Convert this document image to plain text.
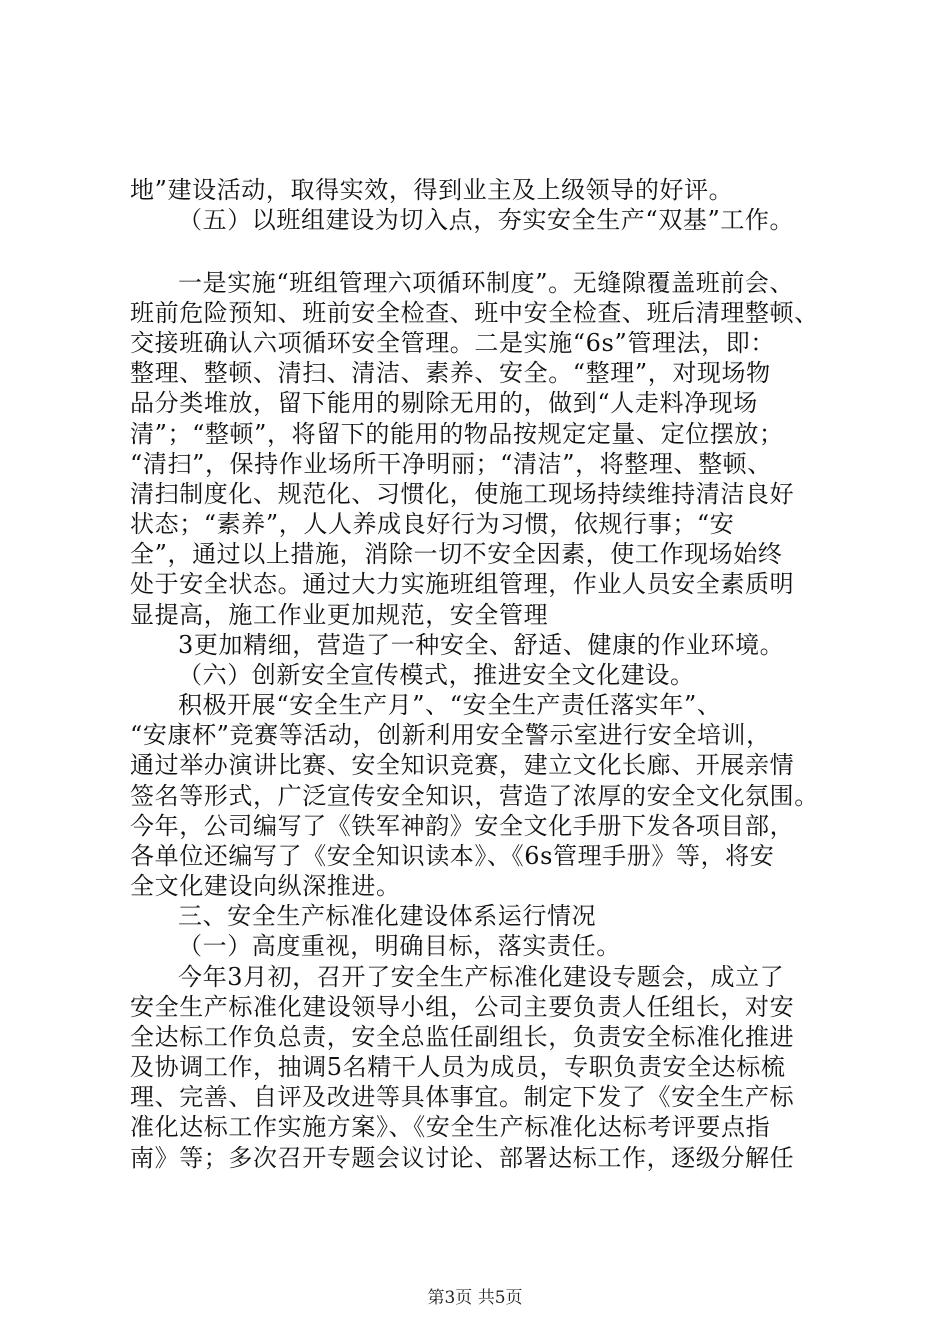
地”建设活动，取得实效，得到业主及上级领导的好评。
（五）以班组建设为切入点，夯实安全生产“双基”工作。
一是实施“班组管理六项循环制度”。无缝隙覆盖班前会、
班前危险预知、班前安全检查、班中安全检查、班后清理整顿、
交接班确认六项循环安全管理。二是实施“6s”管理法，即：
整理、整顿、清扫、清洁、素养、安全。“整理”，对现场物
品分类堆放，留下能用的剔除无用的，做到“人走料净现场
清”；“整顿”，将留下的能用的物品按规定定量、定位摆放；
“清扫”，保持作业场所干净明丽；“清洁”，将整理、整顿、
清扫制度化、规范化、习惯化，使施工现场持续维持清洁良好
状态；“素养”，人人养成良好行为习惯，依规行事；“安
全”，通过以上措施，消除一切不安全因素，使工作现场始终
处于安全状态。通过大力实施班组管理，作业人员安全素质明
显提高，施工作业更加规范，安全管理
3更加精细，营造了一种安全、舒适、健康的作业环境。
（六）创新安全宣传模式，推进安全文化建设。
积极开展“安全生产月”、“安全生产责任落实年”、
“安康杯”竞赛等活动，创新利用安全警示室进行安全培训，
通过举办演讲比赛、安全知识竞赛，建立文化长廊、开展亲情
签名等形式，广泛宣传安全知识，营造了浓厚的安全文化氛围。
今年，公司编写了《铁军神韵》安全文化手册下发各项目部，
各单位还编写了《安全知识读本》、《6s管理手册》等，将安
全文化建设向纵深推进。
三、安全生产标准化建设体系运行情况
（一）高度重视，明确目标，落实责任。
今年3月初，召开了安全生产标准化建设专题会，成立了
安全生产标准化建设领导小组，公司主要负责人任组长，对安
全达标工作负总责，安全总监任副组长，负责安全标准化推进
及协调工作，抽调5名精干人员为成员，专职负责安全达标梳
理、完善、自评及改进等具体事宜。制定下发了《安全生产标
准化达标工作实施方案》、《安全生产标准化达标考评要点指
南》等；多次召开专题会议讨论、部署达标工作，逐级分解任
第3页 共5页
